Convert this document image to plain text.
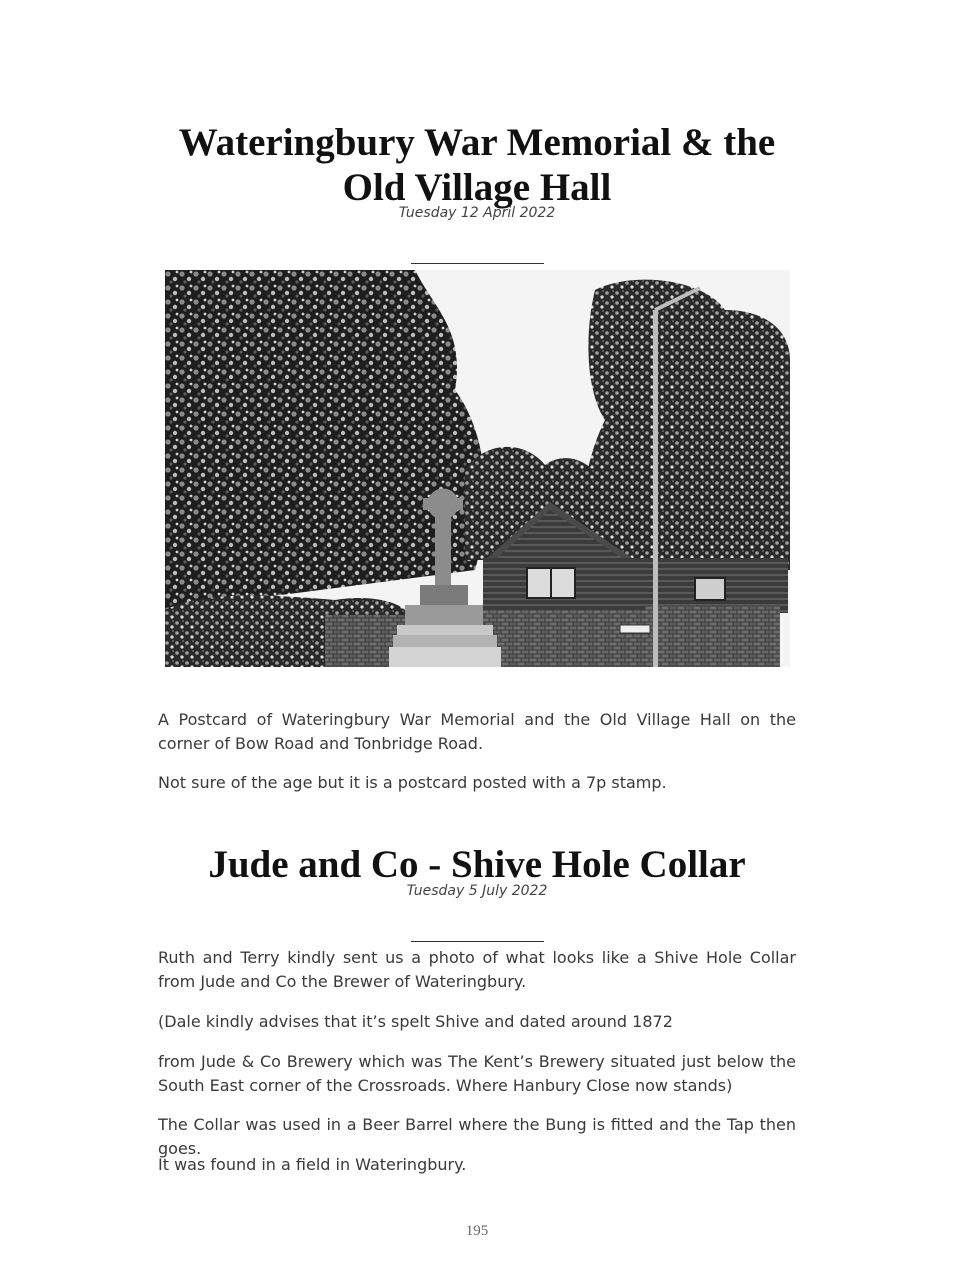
Wateringbury War Memorial & the Old Village Hall
Tuesday 12 April 2022

A Postcard of Wateringbury War Memorial and the Old Village Hall on the corner of Bow Road and Tonbridge Road.

Not sure of the age but it is a postcard posted with a 7p stamp.

Jude and Co - Shive Hole Collar
Tuesday 5 July 2022

Ruth and Terry kindly sent us a photo of what looks like a Shive Hole Collar from Jude and Co the Brewer of Wateringbury.

(Dale kindly advises that it’s spelt Shive and dated around 1872

from Jude & Co Brewery which was The Kent’s Brewery situated just below the South East corner of the Crossroads. Where Hanbury Close now stands)

The Collar was used in a Beer Barrel where the Bung is fitted and the Tap then goes.

It was found in a field in Wateringbury.

195
